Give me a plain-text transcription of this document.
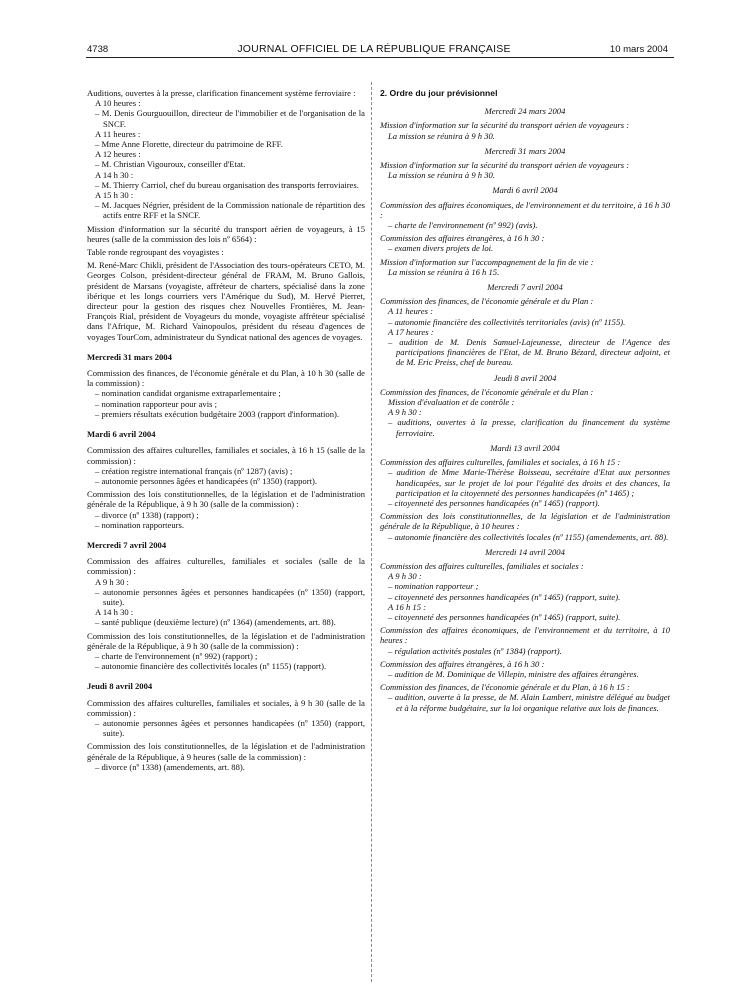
4738	JOURNAL OFFICIEL DE LA RÉPUBLIQUE FRANÇAISE	10 mars 2004

Auditions, ouvertes à la presse, clarification financement système ferroviaire :

A 10 heures :

– M. Denis Gourguouillon, directeur de l'immobilier et de l'organisation de la SNCF.

A 11 heures :

– Mme Anne Florette, directeur du patrimoine de RFF.

A 12 heures :

– M. Christian Vigouroux, conseiller d'Etat.

A 14 h 30 :

– M. Thierry Carriol, chef du bureau organisation des transports ferroviaires.

A 15 h 30 :

– M. Jacques Négrier, président de la Commission nationale de répartition des actifs entre RFF et la SNCF.

Mission d'information sur la sécurité du transport aérien de voyageurs, à 15 heures (salle de la commission des lois nº 6564) :

Table ronde regroupant des voyagistes :

M. René-Marc Chikli, président de l'Association des tours-opérateurs CETO, M. Georges Colson, président-directeur général de FRAM, M. Bruno Gallois, président de Marsans (voyagiste, affréteur de charters, spécialisé dans la zone ibérique et les longs courriers vers l'Amérique du Sud), M. Hervé Pierret, directeur pour la gestion des risques chez Nouvelles Frontières, M. Jean-François Rial, président de Voyageurs du monde, voyagiste affréteur spécialisé dans l'Afrique, M. Richard Vainopoulos, président du réseau d'agences de voyages TourCom, administrateur du Syndicat national des agences de voyages.

Mercredi 31 mars 2004

Commission des finances, de l'économie générale et du Plan, à 10 h 30 (salle de la commission) :

– nomination candidat organisme extraparlementaire ;

– nomination rapporteur pour avis ;

– premiers résultats exécution budgétaire 2003 (rapport d'information).

Mardi 6 avril 2004

Commission des affaires culturelles, familiales et sociales, à 16 h 15 (salle de la commission) :

– création registre international français (nº 1287) (avis) ;

– autonomie personnes âgées et handicapées (nº 1350) (rapport).

Commission des lois constitutionnelles, de la législation et de l'administration générale de la République, à 9 h 30 (salle de la commission) :

– divorce (nº 1338) (rapport) ;

– nomination rapporteurs.

Mercredi 7 avril 2004

Commission des affaires culturelles, familiales et sociales (salle de la commission) :

A 9 h 30 :

– autonomie personnes âgées et personnes handicapées (nº 1350) (rapport, suite).

A 14 h 30 :

– santé publique (deuxième lecture) (nº 1364) (amendements, art. 88).

Commission des lois constitutionnelles, de la législation et de l'administration générale de la République, à 9 h 30 (salle de la commission) :

– charte de l'environnement (nº 992) (rapport) ;

– autonomie financière des collectivités locales (nº 1155) (rapport).

Jeudi 8 avril 2004

Commission des affaires culturelles, familiales et sociales, à 9 h 30 (salle de la commission) :

– autonomie personnes âgées et personnes handicapées (nº 1350) (rapport, suite).

Commission des lois constitutionnelles, de la législation et de l'administration générale de la République, à 9 heures (salle de la commission) :

– divorce (nº 1338) (amendements, art. 88).

2. Ordre du jour prévisionnel

Mercredi 24 mars 2004

Mission d'information sur la sécurité du transport aérien de voyageurs :

La mission se réunira à 9 h 30.

Mercredi 31 mars 2004

Mission d'information sur la sécurité du transport aérien de voyageurs :

La mission se réunira à 9 h 30.

Mardi 6 avril 2004

Commission des affaires économiques, de l'environnement et du territoire, à 16 h 30 :

– charte de l'environnement (nº 992) (avis).

Commission des affaires étrangères, à 16 h 30 :

– examen divers projets de loi.

Mission d'information sur l'accompagnement de la fin de vie :

La mission se réunira à 16 h 15.

Mercredi 7 avril 2004

Commission des finances, de l'économie générale et du Plan :

A 11 heures :

– autonomie financière des collectivités territoriales (avis) (nº 1155).

A 17 heures :

– audition de M. Denis Samuel-Lajeunesse, directeur de l'Agence des participations financières de l'Etat, de M. Bruno Bézard, directeur adjoint, et de M. Eric Preiss, chef de bureau.

Jeudi 8 avril 2004

Commission des finances, de l'économie générale et du Plan :

Mission d'évaluation et de contrôle :

A 9 h 30 :

– auditions, ouvertes à la presse, clarification du financement du système ferroviaire.

Mardi 13 avril 2004

Commission des affaires culturelles, familiales et sociales, à 16 h 15 :

– audition de Mme Marie-Thérèse Boisseau, secrétaire d'Etat aux personnes handicapées, sur le projet de loi pour l'égalité des droits et des chances, la participation et la citoyenneté des personnes handicapées (nº 1465) ;

– citoyenneté des personnes handicapées (nº 1465) (rapport).

Commission des lois constitutionnelles, de la législation et de l'administration générale de la République, à 10 heures :

– autonomie financière des collectivités locales (nº 1155) (amendements, art. 88).

Mercredi 14 avril 2004

Commission des affaires culturelles, familiales et sociales :

A 9 h 30 :

– nomination rapporteur ;

– citoyenneté des personnes handicapées (nº 1465) (rapport, suite).

A 16 h 15 :

– citoyenneté des personnes handicapées (nº 1465) (rapport, suite).

Commission des affaires économiques, de l'environnement et du territoire, à 10 heures :

– régulation activités postales (nº 1384) (rapport).

Commission des affaires étrangères, à 16 h 30 :

– audition de M. Dominique de Villepin, ministre des affaires étrangères.

Commission des finances, de l'économie générale et du Plan, à 16 h 15 :

– audition, ouverte à la presse, de M. Alain Lambert, ministre délégué au budget et à la réforme budgétaire, sur la loi organique relative aux lois de finances.
